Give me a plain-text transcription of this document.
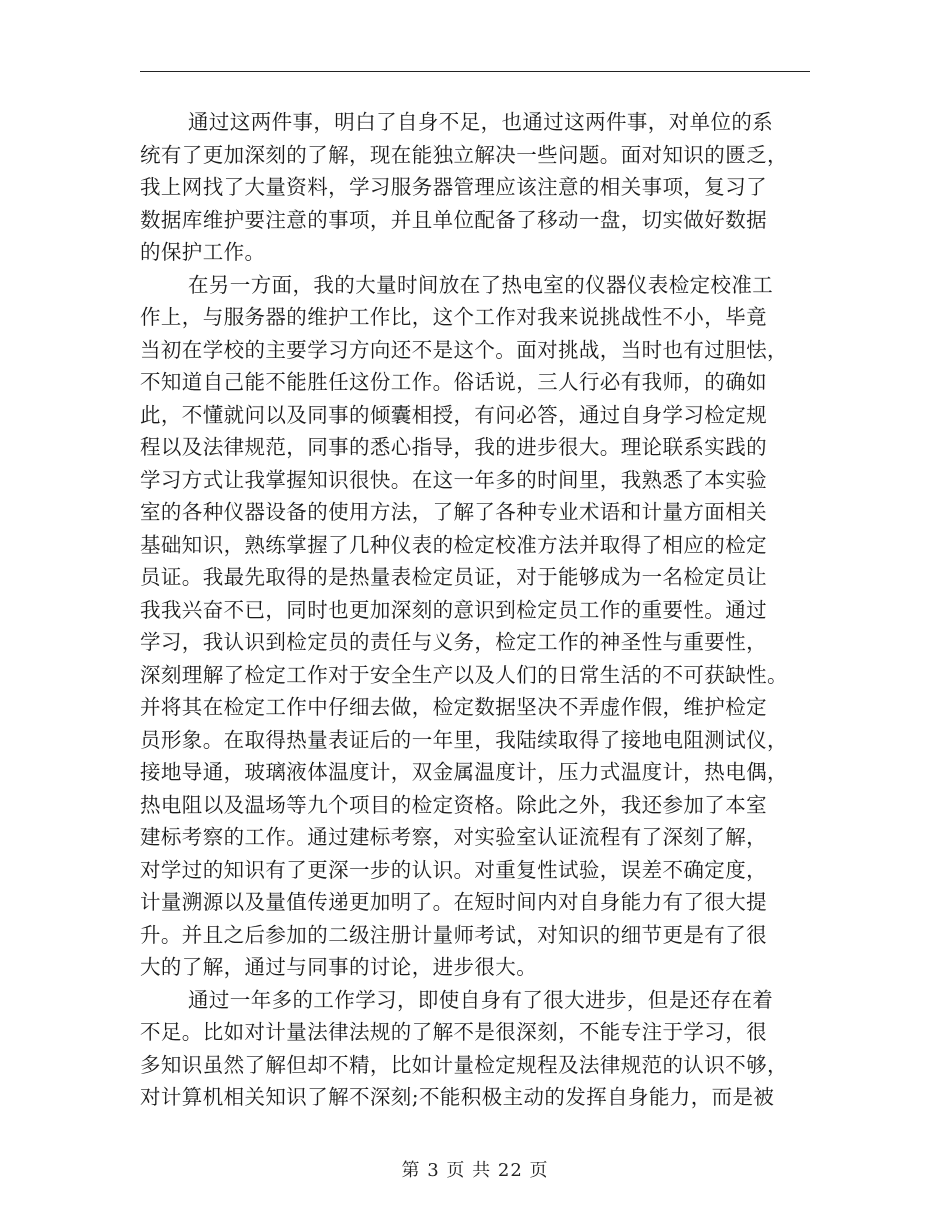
通过这两件事，明白了自身不足，也通过这两件事，对单位的系
统有了更加深刻的了解，现在能独立解决一些问题。面对知识的匮乏，
我上网找了大量资料，学习服务器管理应该注意的相关事项，复习了
数据库维护要注意的事项，并且单位配备了移动一盘，切实做好数据
的保护工作。
在另一方面，我的大量时间放在了热电室的仪器仪表检定校准工
作上，与服务器的维护工作比，这个工作对我来说挑战性不小，毕竟
当初在学校的主要学习方向还不是这个。面对挑战，当时也有过胆怯，
不知道自己能不能胜任这份工作。俗话说，三人行必有我师，的确如
此，不懂就问以及同事的倾囊相授，有问必答，通过自身学习检定规
程以及法律规范，同事的悉心指导，我的进步很大。理论联系实践的
学习方式让我掌握知识很快。在这一年多的时间里，我熟悉了本实验
室的各种仪器设备的使用方法，了解了各种专业术语和计量方面相关
基础知识，熟练掌握了几种仪表的检定校准方法并取得了相应的检定
员证。我最先取得的是热量表检定员证，对于能够成为一名检定员让
我我兴奋不已，同时也更加深刻的意识到检定员工作的重要性。通过
学习，我认识到检定员的责任与义务，检定工作的神圣性与重要性，
深刻理解了检定工作对于安全生产以及人们的日常生活的不可获缺性。
并将其在检定工作中仔细去做，检定数据坚决不弄虚作假，维护检定
员形象。在取得热量表证后的一年里，我陆续取得了接地电阻测试仪，
接地导通，玻璃液体温度计，双金属温度计，压力式温度计，热电偶，
热电阻以及温场等九个项目的检定资格。除此之外，我还参加了本室
建标考察的工作。通过建标考察，对实验室认证流程有了深刻了解，
对学过的知识有了更深一步的认识。对重复性试验，误差不确定度，
计量溯源以及量值传递更加明了。在短时间内对自身能力有了很大提
升。并且之后参加的二级注册计量师考试，对知识的细节更是有了很
大的了解，通过与同事的讨论，进步很大。
通过一年多的工作学习，即使自身有了很大进步，但是还存在着
不足。比如对计量法律法规的了解不是很深刻，不能专注于学习，很
多知识虽然了解但却不精，比如计量检定规程及法律规范的认识不够，
对计算机相关知识了解不深刻;不能积极主动的发挥自身能力，而是被
第 3 页 共 22 页
